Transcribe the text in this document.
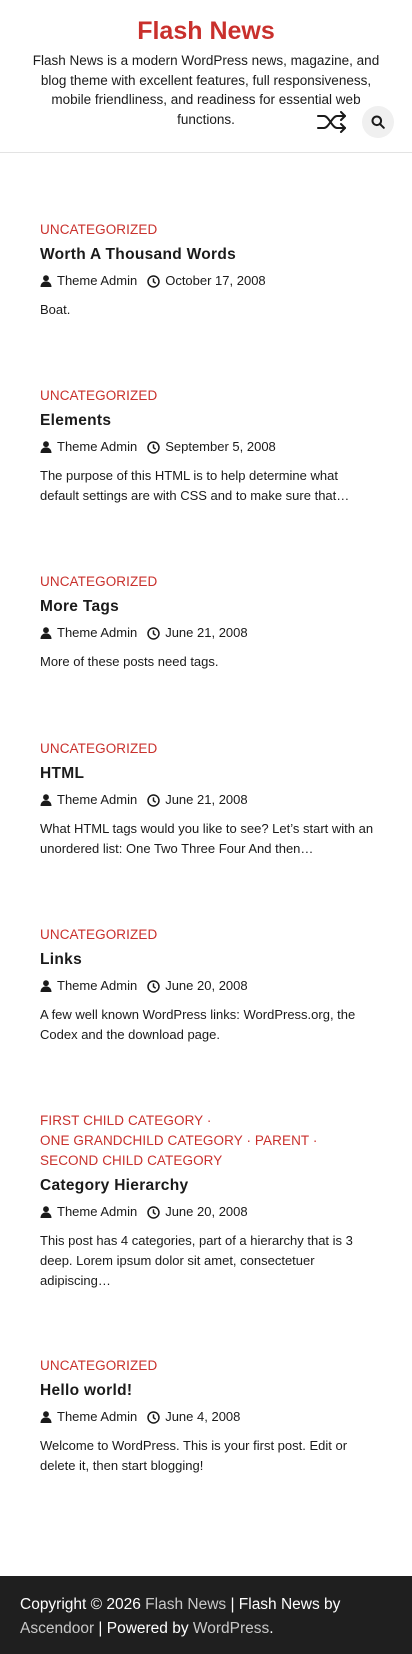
Flash News

Flash News is a modern WordPress news, magazine, and blog theme with excellent features, full responsiveness, mobile friendliness, and readiness for essential web functions.

UNCATEGORIZED
Worth A Thousand Words
Theme Admin October 17, 2008

Boat.

UNCATEGORIZED
Elements
Theme Admin September 5, 2008

The purpose of this HTML is to help determine what default settings are with CSS and to make sure that…

UNCATEGORIZED
More Tags
Theme Admin June 21, 2008

More of these posts need tags.

UNCATEGORIZED
HTML
Theme Admin June 21, 2008

What HTML tags would you like to see? Let’s start with an unordered list: One Two Three Four And then…

UNCATEGORIZED
Links
Theme Admin June 20, 2008

A few well known WordPress links: WordPress.org, the Codex and the download page.

FIRST CHILD CATEGORY ·
ONE GRANDCHILD CATEGORY · PARENT ·
SECOND CHILD CATEGORY
Category Hierarchy
Theme Admin June 20, 2008

This post has 4 categories, part of a hierarchy that is 3 deep. Lorem ipsum dolor sit amet, consectetuer adipiscing…

UNCATEGORIZED
Hello world!
Theme Admin June 4, 2008

Welcome to WordPress. This is your first post. Edit or delete it, then start blogging!

Copyright © 2026 Flash News | Flash News by Ascendoor | Powered by WordPress.
